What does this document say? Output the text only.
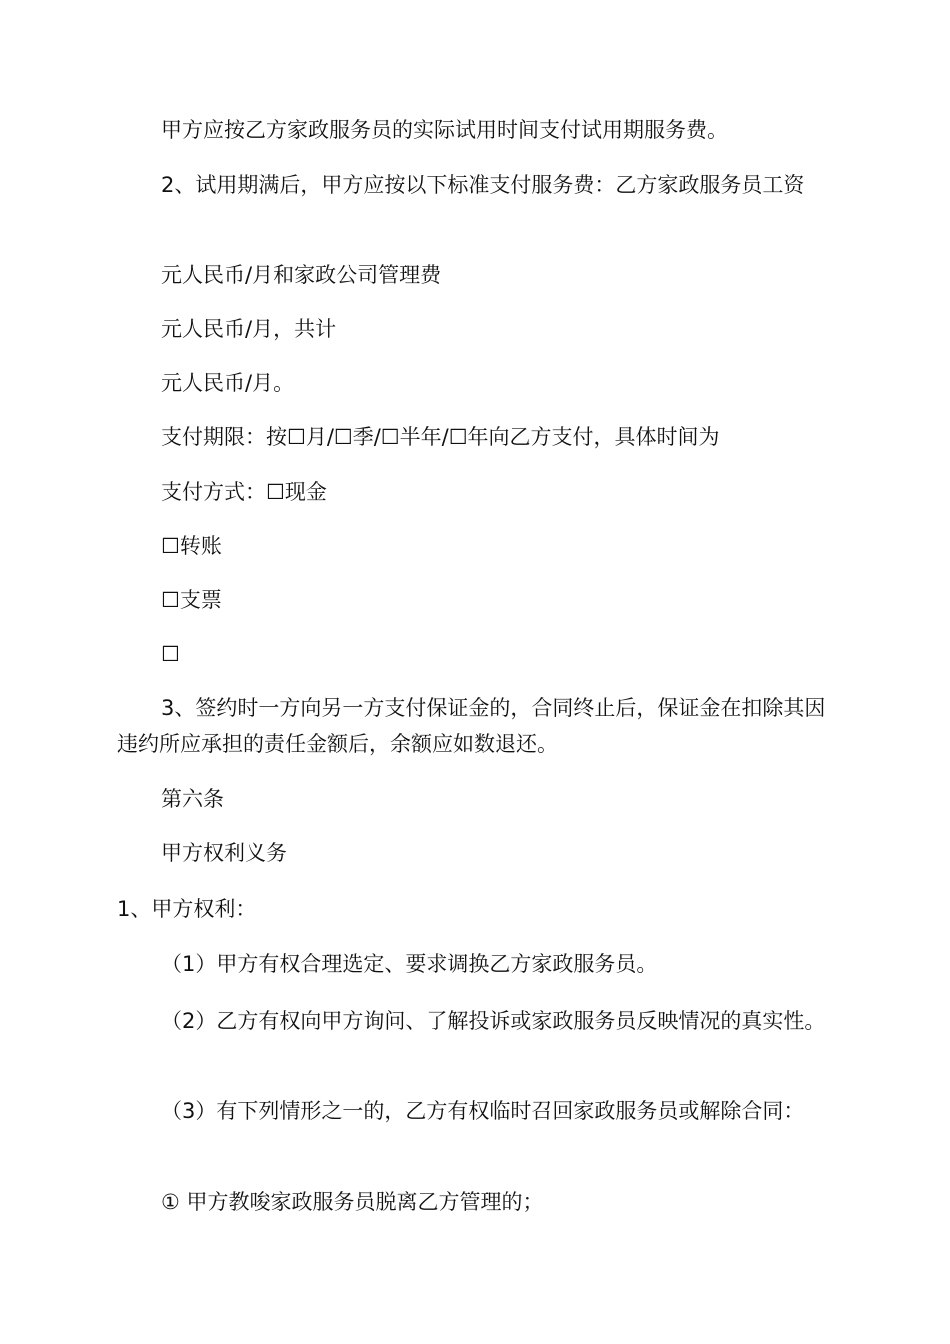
甲方应按乙方家政服务员的实际试用时间支付试用期服务费。
2、试用期满后，甲方应按以下标准支付服务费：乙方家政服务员工资
元人民币/月和家政公司管理费
元人民币/月，共计
元人民币/月。
支付期限：按☐月/☐季/☐半年/☐年向乙方支付，具体时间为
支付方式：☐现金
☐转账
☐支票
☐
3、签约时一方向另一方支付保证金的，合同终止后，保证金在扣除其因违约所应承担的责任金额后，余额应如数退还。
第六条
甲方权利义务
1、甲方权利：
（1）甲方有权合理选定、要求调换乙方家政服务员。
（2）乙方有权向甲方询问、了解投诉或家政服务员反映情况的真实性。
（3）有下列情形之一的，乙方有权临时召回家政服务员或解除合同：
① 甲方教唆家政服务员脱离乙方管理的；
